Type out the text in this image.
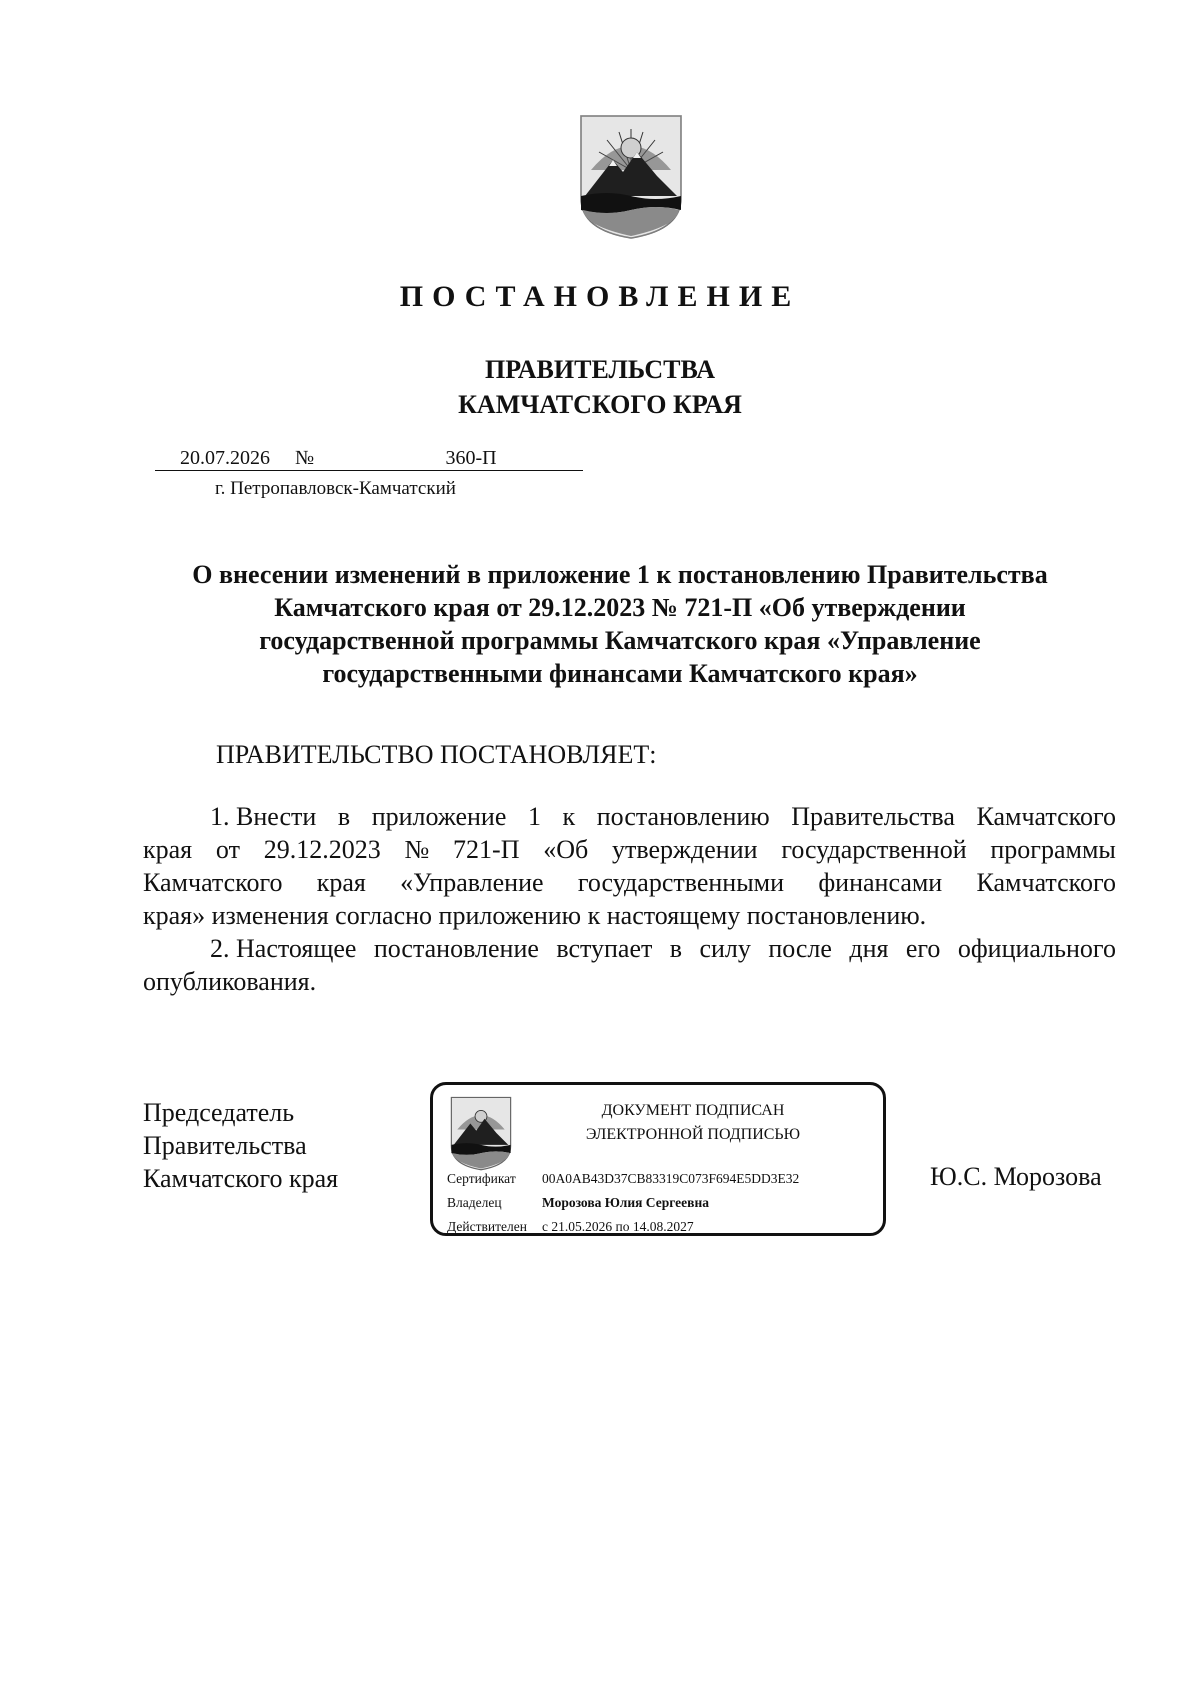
ПОСТАНОВЛЕНИЕ
ПРАВИТЕЛЬСТВА
КАМЧАТСКОГО КРАЯ
20.07.2026 №	360-П
г. Петропавловск-Камчатский
О внесении изменений в приложение 1 к постановлению Правительства
Камчатского края от 29.12.2023 № 721-П «Об утверждении
государственной программы Камчатского края «Управление
государственными финансами Камчатского края»
ПРАВИТЕЛЬСТВО ПОСТАНОВЛЯЕТ:
1. Внести в приложение 1 к постановлению Правительства Камчатского
края от 29.12.2023 № 721-П «Об утверждении государственной программы
Камчатского края «Управление государственными финансами Камчатского
края» изменения согласно приложению к настоящему постановлению.
2. Настоящее постановление вступает в силу после дня его официального
опубликования.
Председатель
Правительства
Камчатского края
ДОКУМЕНТ ПОДПИСАН
ЭЛЕКТРОННОЙ ПОДПИСЬЮ
Сертификат 00A0AB43D37CB83319C073F694E5DD3E32
Владелец	Морозова Юлия Сергеевна
Действителен с 21.05.2026 по 14.08.2027
Ю.С. Морозова
